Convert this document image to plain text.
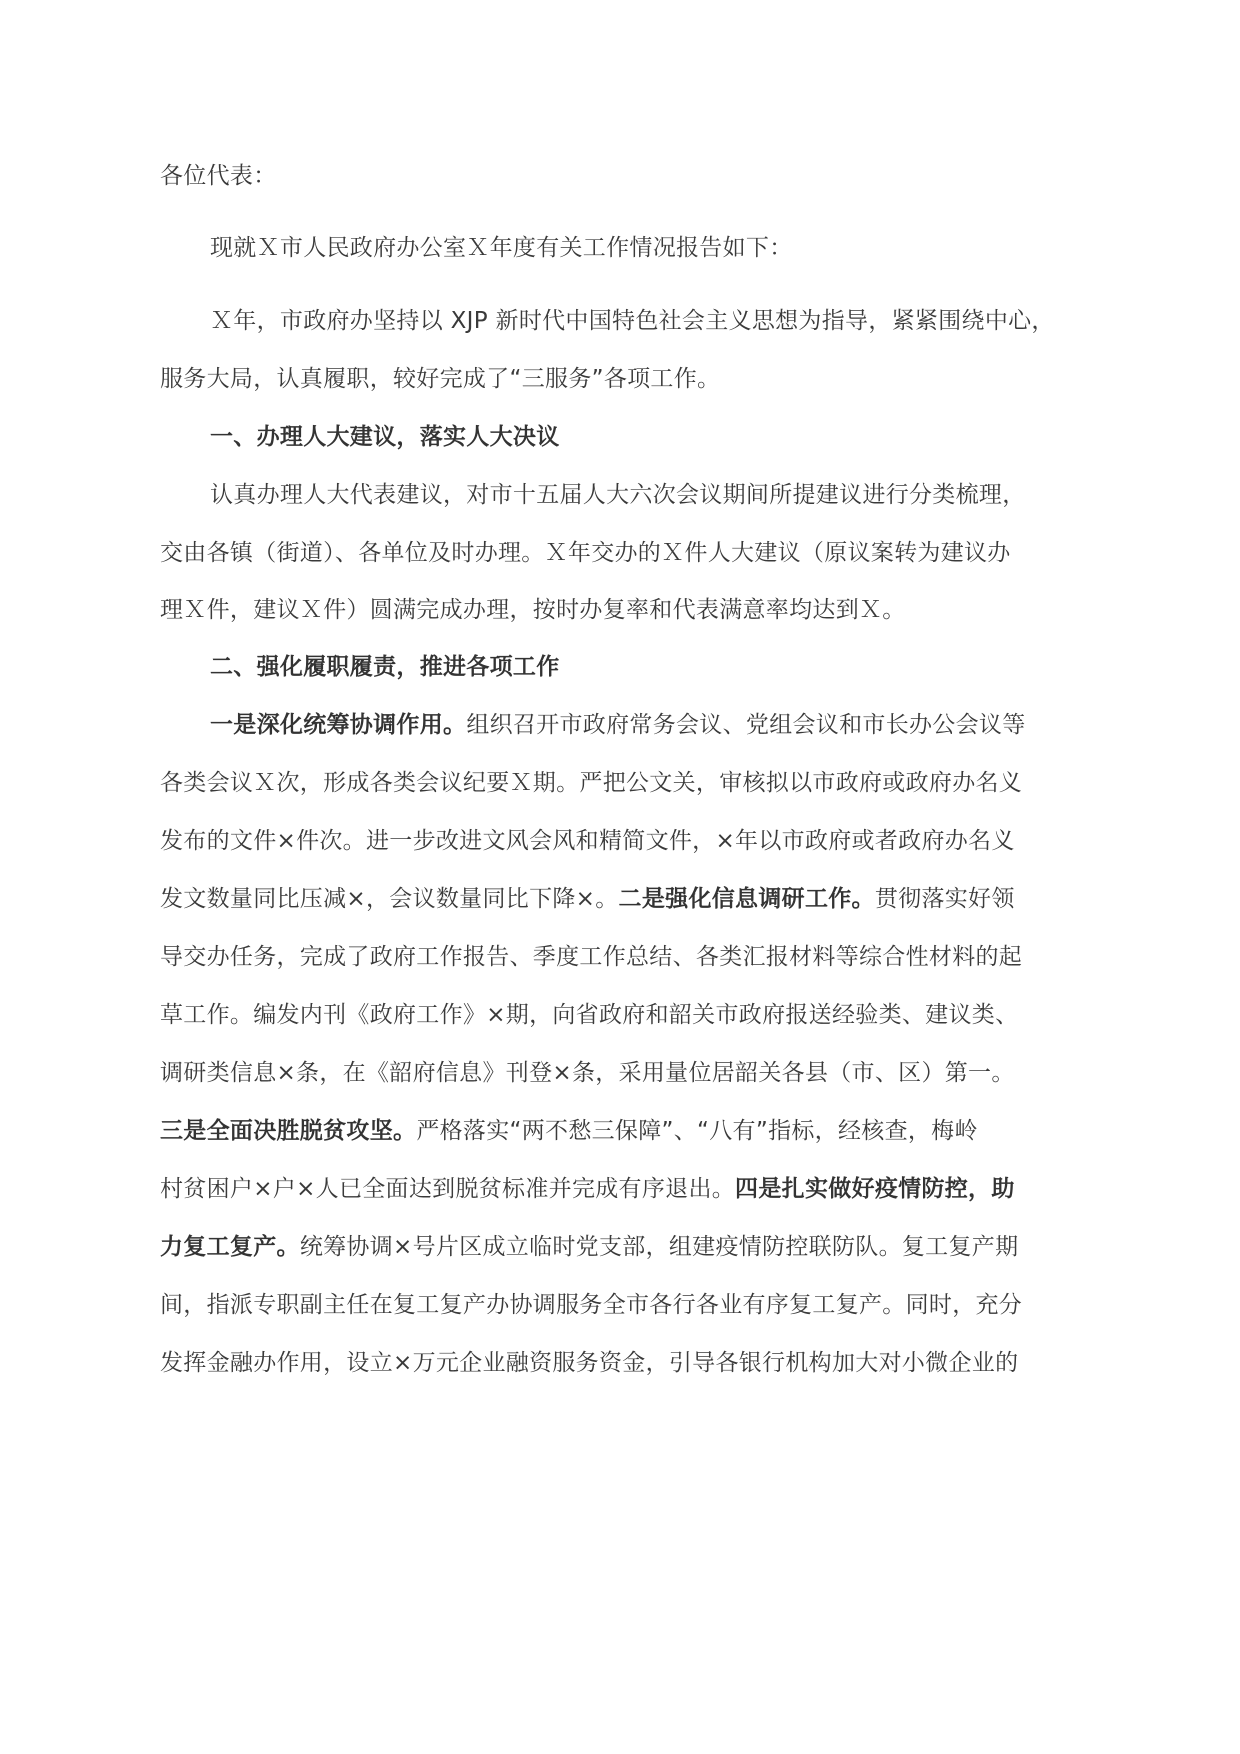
各位代表：
现就Ｘ市人民政府办公室Ｘ年度有关工作情况报告如下：
Ｘ年，市政府办坚持以 XJP 新时代中国特色社会主义思想为指导，紧紧围绕中心，
服务大局，认真履职，较好完成了“三服务”各项工作。
一、办理人大建议，落实人大决议
认真办理人大代表建议，对市十五届人大六次会议期间所提建议进行分类梳理，
交由各镇（街道）、各单位及时办理。Ｘ年交办的Ｘ件人大建议（原议案转为建议办
理Ｘ件，建议Ｘ件）圆满完成办理，按时办复率和代表满意率均达到Ｘ。
二、强化履职履责，推进各项工作
一是深化统筹协调作用。组织召开市政府常务会议、党组会议和市长办公会议等
各类会议Ｘ次，形成各类会议纪要Ｘ期。严把公文关，审核拟以市政府或政府办名义
发布的文件×件次。进一步改进文风会风和精简文件，×年以市政府或者政府办名义
发文数量同比压减×，会议数量同比下降×。二是强化信息调研工作。贯彻落实好领
导交办任务，完成了政府工作报告、季度工作总结、各类汇报材料等综合性材料的起
草工作。编发内刊《政府工作》×期，向省政府和韶关市政府报送经验类、建议类、
调研类信息×条，在《韶府信息》刊登×条，采用量位居韶关各县（市、区）第一。
三是全面决胜脱贫攻坚。严格落实“两不愁三保障”、“八有”指标，经核查，梅岭
村贫困户×户×人已全面达到脱贫标准并完成有序退出。四是扎实做好疫情防控，助
力复工复产。统筹协调×号片区成立临时党支部，组建疫情防控联防队。复工复产期
间，指派专职副主任在复工复产办协调服务全市各行各业有序复工复产。同时，充分
发挥金融办作用，设立×万元企业融资服务资金，引导各银行机构加大对小微企业的
